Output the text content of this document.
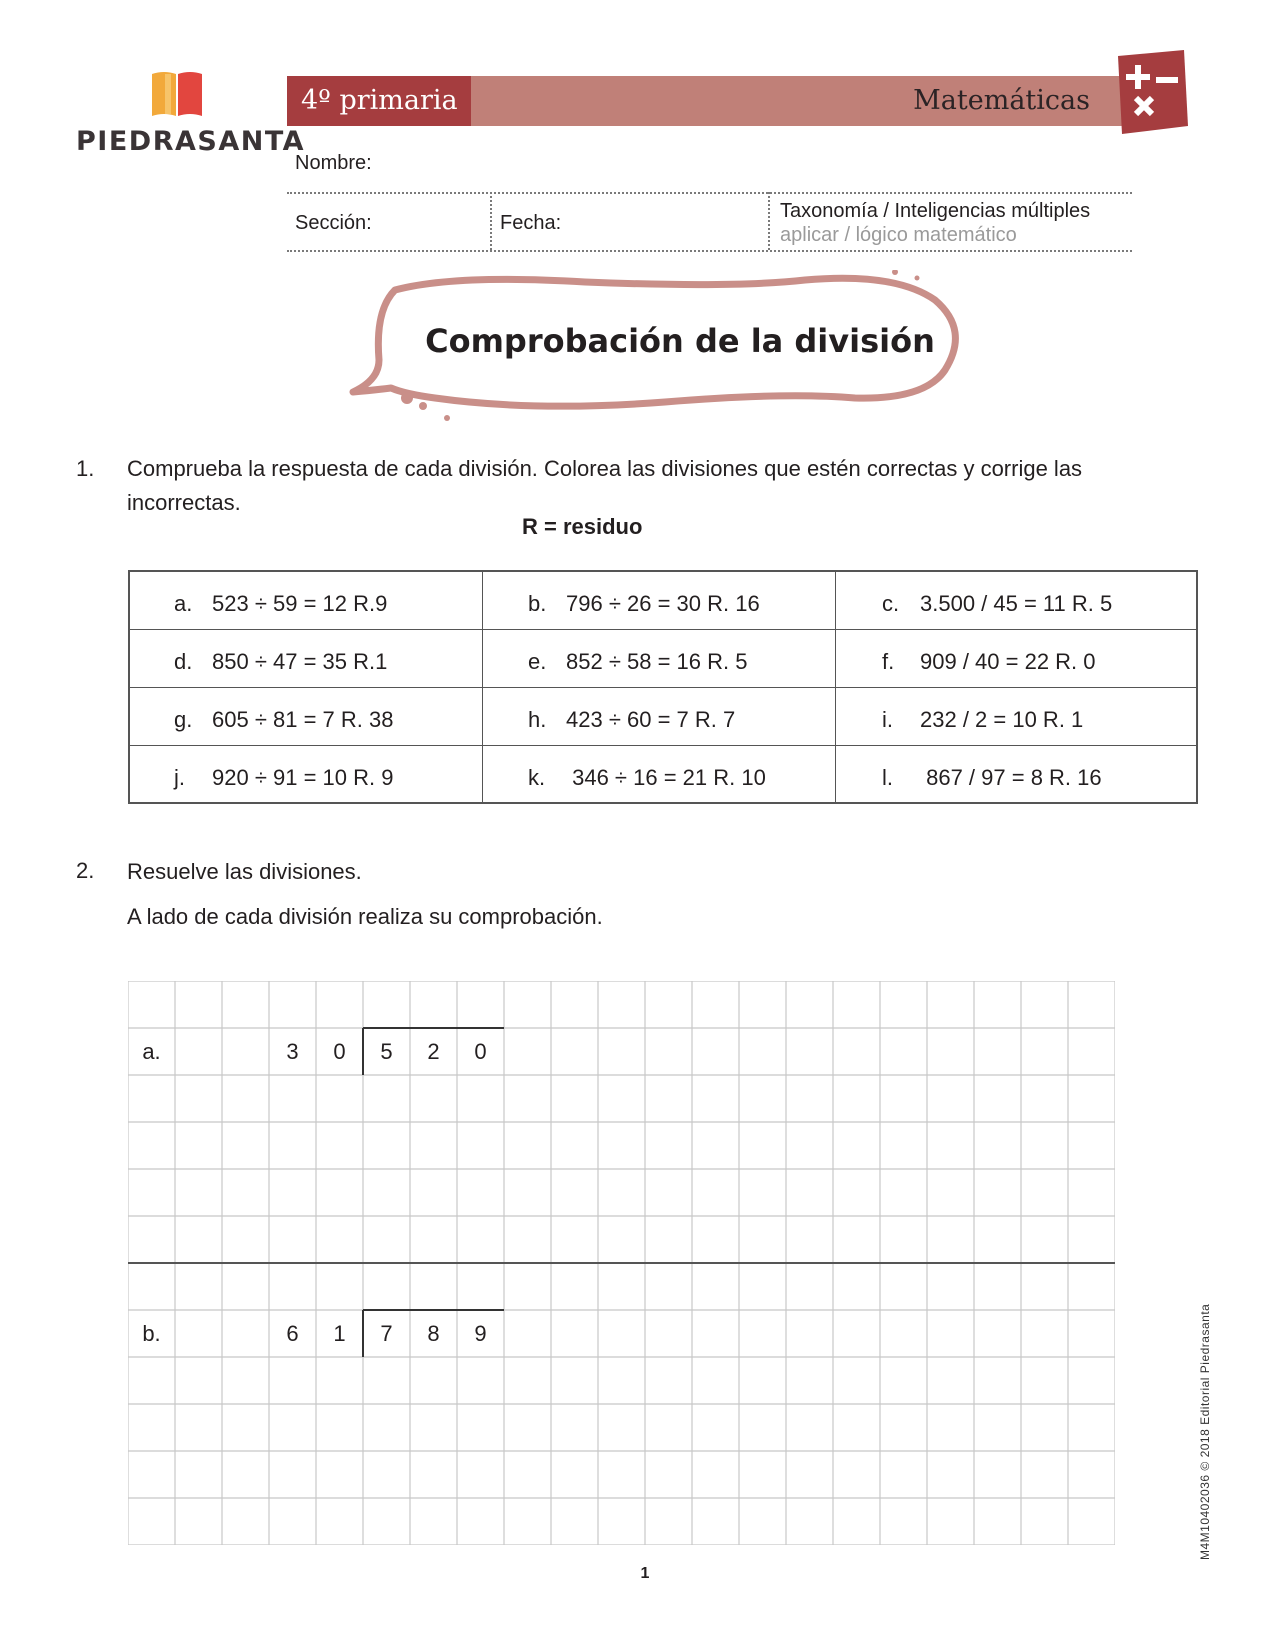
PIEDRASANTA
4º primaria	Matemáticas
Nombre:
Sección:	Fecha:
Taxonomía / Inteligencias múltiples
aplicar / lógico matemático
Comprobación de la división
1. Comprueba la respuesta de cada división. Colorea las divisiones que estén correctas y corrige las incorrectas.
R = residuo
a. 523 ÷ 59 = 12 R.9	b. 796 ÷ 26 = 30 R. 16	c. 3.500 / 45 = 11 R. 5
d. 850 ÷ 47 = 35 R.1	e. 852 ÷ 58 = 16 R. 5	f. 909 / 40 = 22 R. 0
g. 605 ÷ 81 = 7 R. 38	h. 423 ÷ 60 = 7 R. 7	i. 232 / 2 = 10 R. 1
j. 920 ÷ 91 = 10 R. 9	k. 346 ÷ 16 = 21 R. 10	l. 867 / 97 = 8 R. 16
2. Resuelve las divisiones.
A lado de cada división realiza su comprobación.
a.	3	0	5	2	0
b.	6	1	7	8	9
1
M4M10402036 © 2018 Editorial Piedrasanta
